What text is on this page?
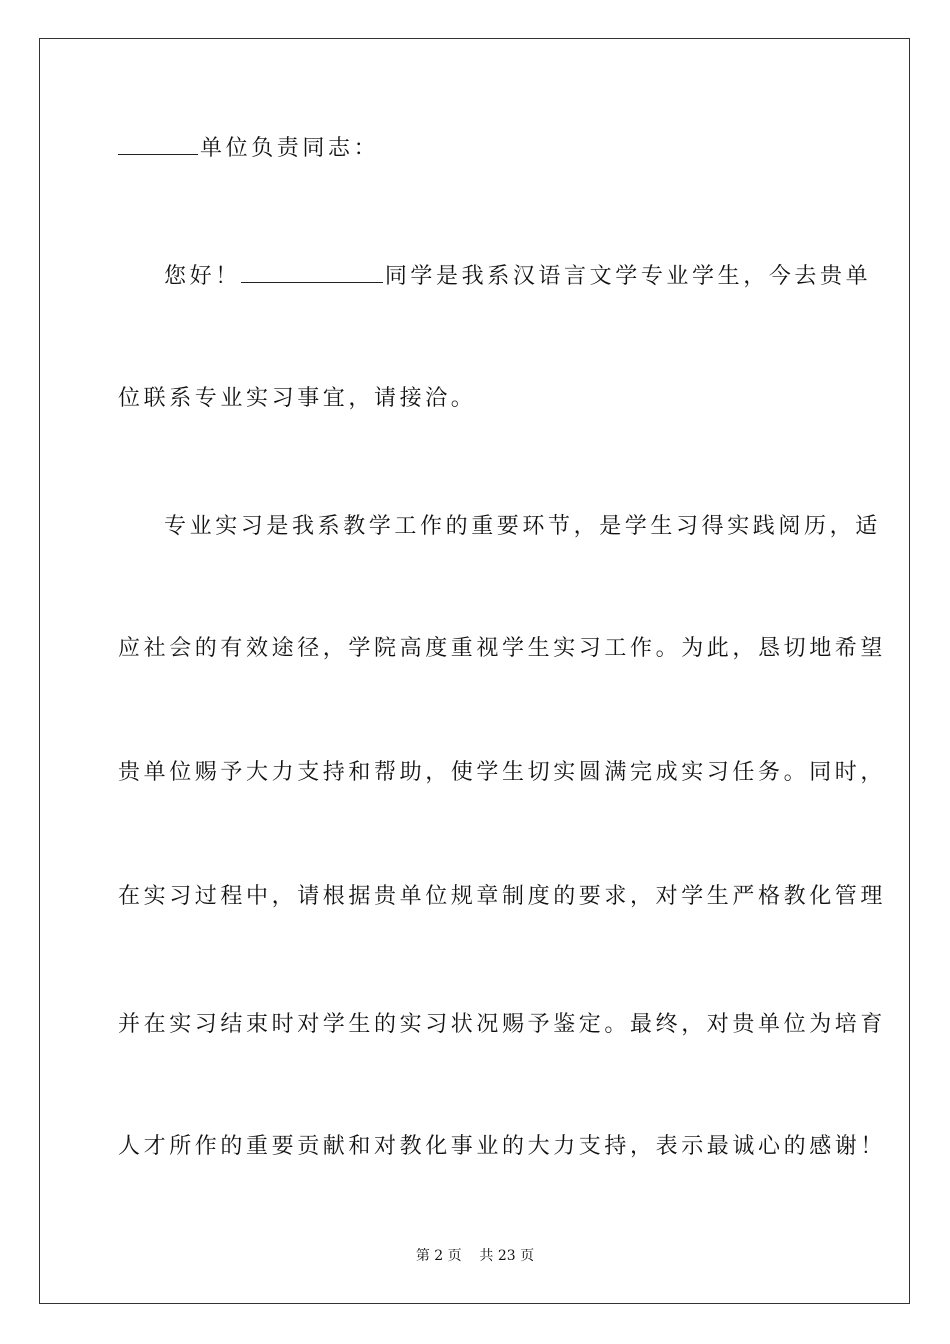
单位负责同志：
您好！	同学是我系汉语言文学专业学生，今去贵单
位联系专业实习事宜，请接洽。
专业实习是我系教学工作的重要环节，是学生习得实践阅历，适
应社会的有效途径，学院高度重视学生实习工作。为此，恳切地希望
贵单位赐予大力支持和帮助，使学生切实圆满完成实习任务。同时，
在实习过程中，请根据贵单位规章制度的要求，对学生严格教化管理
并在实习结束时对学生的实习状况赐予鉴定。最终，对贵单位为培育
人才所作的重要贡献和对教化事业的大力支持，表示最诚心的感谢！
第 2 页    共 23 页
